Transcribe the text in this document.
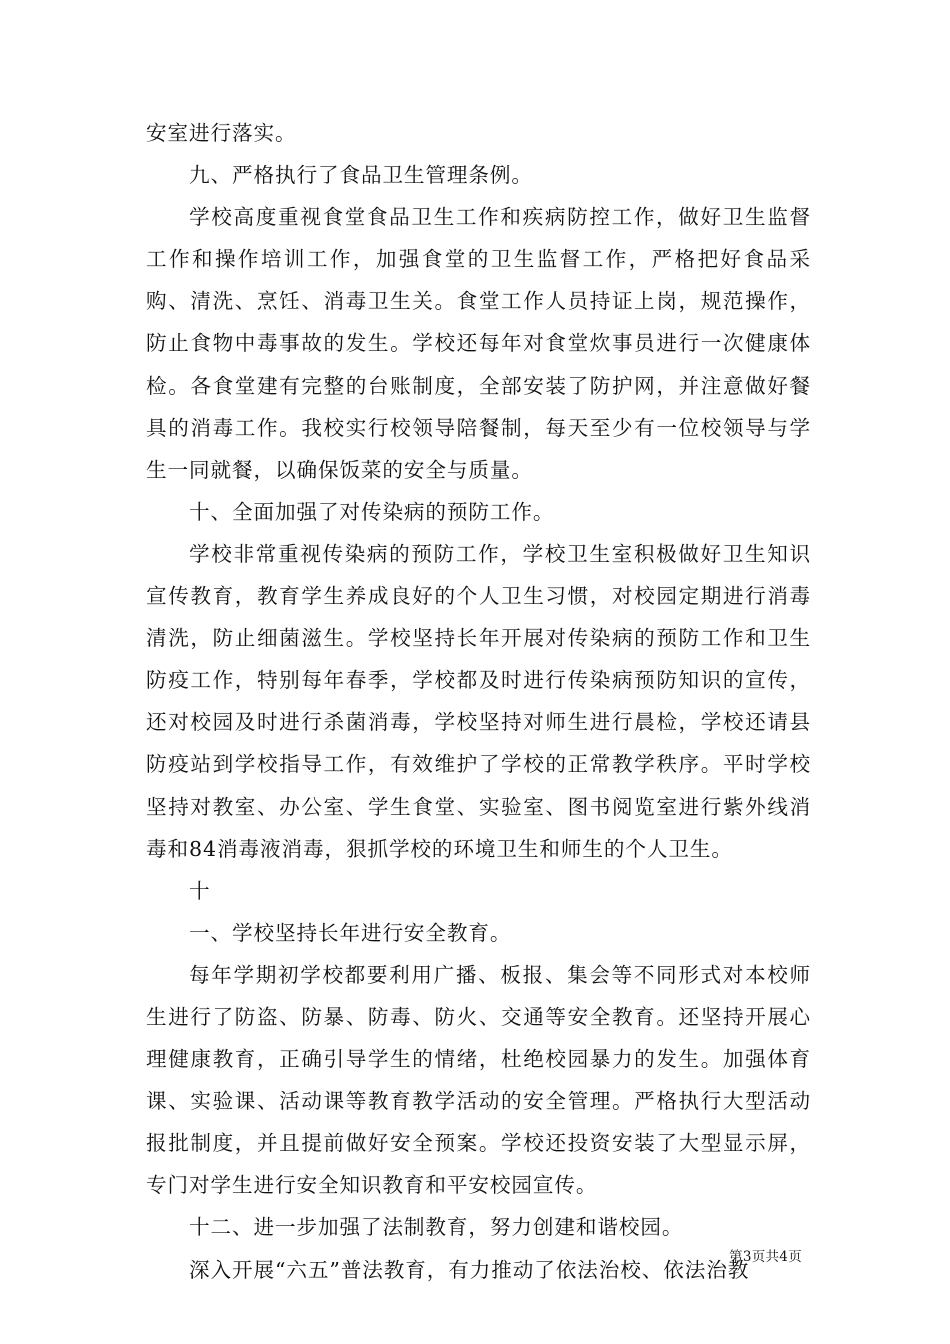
安室进行落实。

九、严格执行了食品卫生管理条例。

学校高度重视食堂食品卫生工作和疾病防控工作，做好卫生监督工作和操作培训工作，加强食堂的卫生监督工作，严格把好食品采购、清洗、烹饪、消毒卫生关。食堂工作人员持证上岗，规范操作，防止食物中毒事故的发生。学校还每年对食堂炊事员进行一次健康体检。各食堂建有完整的台账制度，全部安装了防护网，并注意做好餐具的消毒工作。我校实行校领导陪餐制，每天至少有一位校领导与学生一同就餐，以确保饭菜的安全与质量。

十、全面加强了对传染病的预防工作。

学校非常重视传染病的预防工作，学校卫生室积极做好卫生知识宣传教育，教育学生养成良好的个人卫生习惯，对校园定期进行消毒清洗，防止细菌滋生。学校坚持长年开展对传染病的预防工作和卫生防疫工作，特别每年春季，学校都及时进行传染病预防知识的宣传，还对校园及时进行杀菌消毒，学校坚持对师生进行晨检，学校还请县防疫站到学校指导工作，有效维护了学校的正常教学秩序。平时学校坚持对教室、办公室、学生食堂、实验室、图书阅览室进行紫外线消毒和84消毒液消毒，狠抓学校的环境卫生和师生的个人卫生。

十

一、学校坚持长年进行安全教育。

每年学期初学校都要利用广播、板报、集会等不同形式对本校师生进行了防盗、防暴、防毒、防火、交通等安全教育。还坚持开展心理健康教育，正确引导学生的情绪，杜绝校园暴力的发生。加强体育课、实验课、活动课等教育教学活动的安全管理。严格执行大型活动报批制度，并且提前做好安全预案。学校还投资安装了大型显示屏，专门对学生进行安全知识教育和平安校园宣传。

十二、进一步加强了法制教育，努力创建和谐校园。

深入开展“六五”普法教育，有力推动了依法治校、依法治教

第3页共4页
